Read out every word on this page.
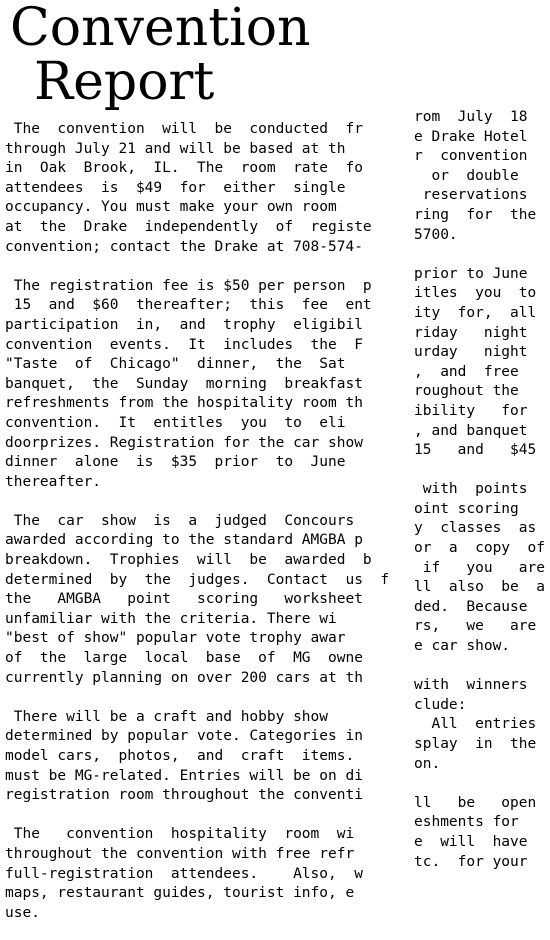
Convention
Report
The  convention  will  be  conducted  fr
through July 21 and will be based at th
in  Oak  Brook,  IL.  The  room  rate  fo
attendees  is  $49  for  either  single
occupancy. You must make your own room
at  the  Drake  independently  of  registe
convention; contact the Drake at 708-574-
The registration fee is $50 per person  p
15  and  $60  thereafter;  this  fee  ent
participation  in,  and  trophy  eligibil
convention  events.  It  includes  the  F
"Taste  of  Chicago"  dinner,  the  Sat
banquet,  the  Sunday  morning  breakfast
refreshments from the hospitality room th
convention.  It  entitles  you  to  eli
doorprizes. Registration for the car show
dinner  alone  is  $35  prior  to  June
thereafter.
The  car  show  is  a  judged  Concours
awarded according to the standard AMGBA p
breakdown.  Trophies  will  be  awarded  b
determined  by  the  judges.  Contact  us  f
the   AMGBA   point   scoring   worksheet
unfamiliar with the criteria. There wi
"best of show" popular vote trophy awar
of  the  large  local  base  of  MG  owne
currently planning on over 200 cars at th
There will be a craft and hobby show
determined by popular vote. Categories in
model cars,  photos,  and  craft  items.
must be MG-related. Entries will be on di
registration room throughout the conventi
The   convention  hospitality  room  wi
throughout the convention with free refr
full-registration  attendees.    Also,  w
maps, restaurant guides, tourist info, e
use.
rom  July  18
e Drake Hotel
r  convention
or  double
reservations
ring  for  the
5700.
prior to June
itles  you  to
ity  for,  all
riday   night
urday   night
,  and  free
roughout the
ibility   for
, and banquet
15   and   $45
with  points
oint scoring
y  classes  as
or  a  copy  of
if   you   are
ll  also  be  a
ded.  Because
rs,   we   are
e car show.
with  winners
clude:
All  entries
splay  in  the
on.
ll   be   open
eshments for
e  will  have
tc.  for your
